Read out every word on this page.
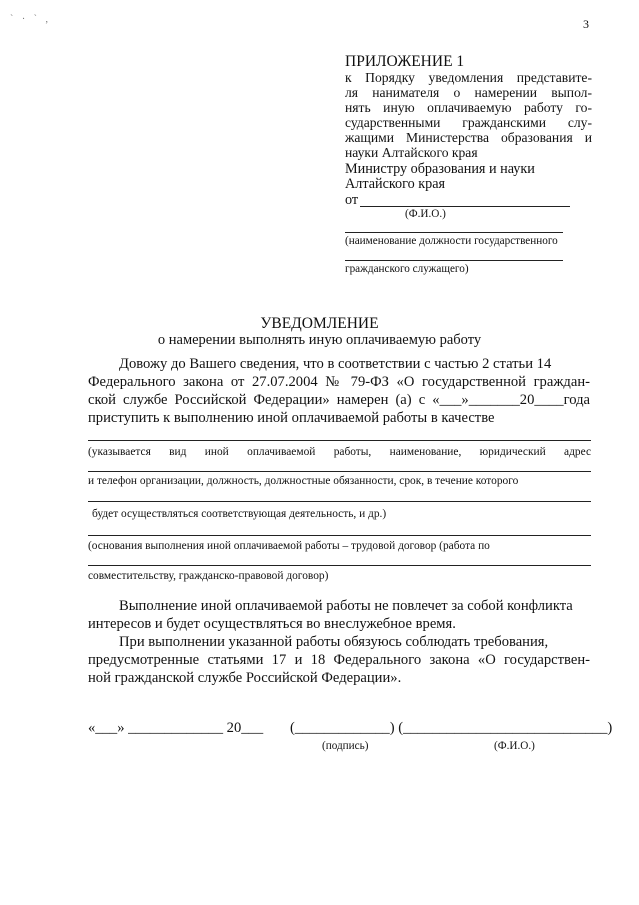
` · ` ,	3
ПРИЛОЖЕНИЕ 1
к Порядку уведомления представите-
ля нанимателя о намерении выпол-
нять иную оплачиваемую работу го-
сударственными гражданскими слу-
жащими Министерства образования и
науки Алтайского края
Министру образования и науки
Алтайского края
от
(Ф.И.О.)
(наименование должности государственного
гражданского служащего)
УВЕДОМЛЕНИЕ
о намерении выполнять иную оплачиваемую работу
Довожу до Вашего сведения, что в соответствии с частью 2 статьи 14
Федерального закона от 27.07.2004 № 79-ФЗ «О государственной граждан-
ской службе Российской Федерации» намерен (а) с «___»_______20____года
приступить к выполнению иной оплачиваемой работы в качестве
(указывается вид иной оплачиваемой работы, наименование, юридический адрес
и телефон организации, должность, должностные обязанности, срок, в течение которого
будет осуществляться соответствующая деятельность, и др.)
(основания выполнения иной оплачиваемой работы – трудовой договор (работа по
совместительству, гражданско-правовой договор)
Выполнение иной оплачиваемой работы не повлечет за собой конфликта
интересов и будет осуществляться во внеслужебное время.
При выполнении указанной работы обязуюсь соблюдать требования,
предусмотренные статьями 17 и 18 Федерального закона «О государствен-
ной гражданской службе Российской Федерации».
«___» _____________ 20___ (_____________) (____________________________)
(подпись)	(Ф.И.О.)
